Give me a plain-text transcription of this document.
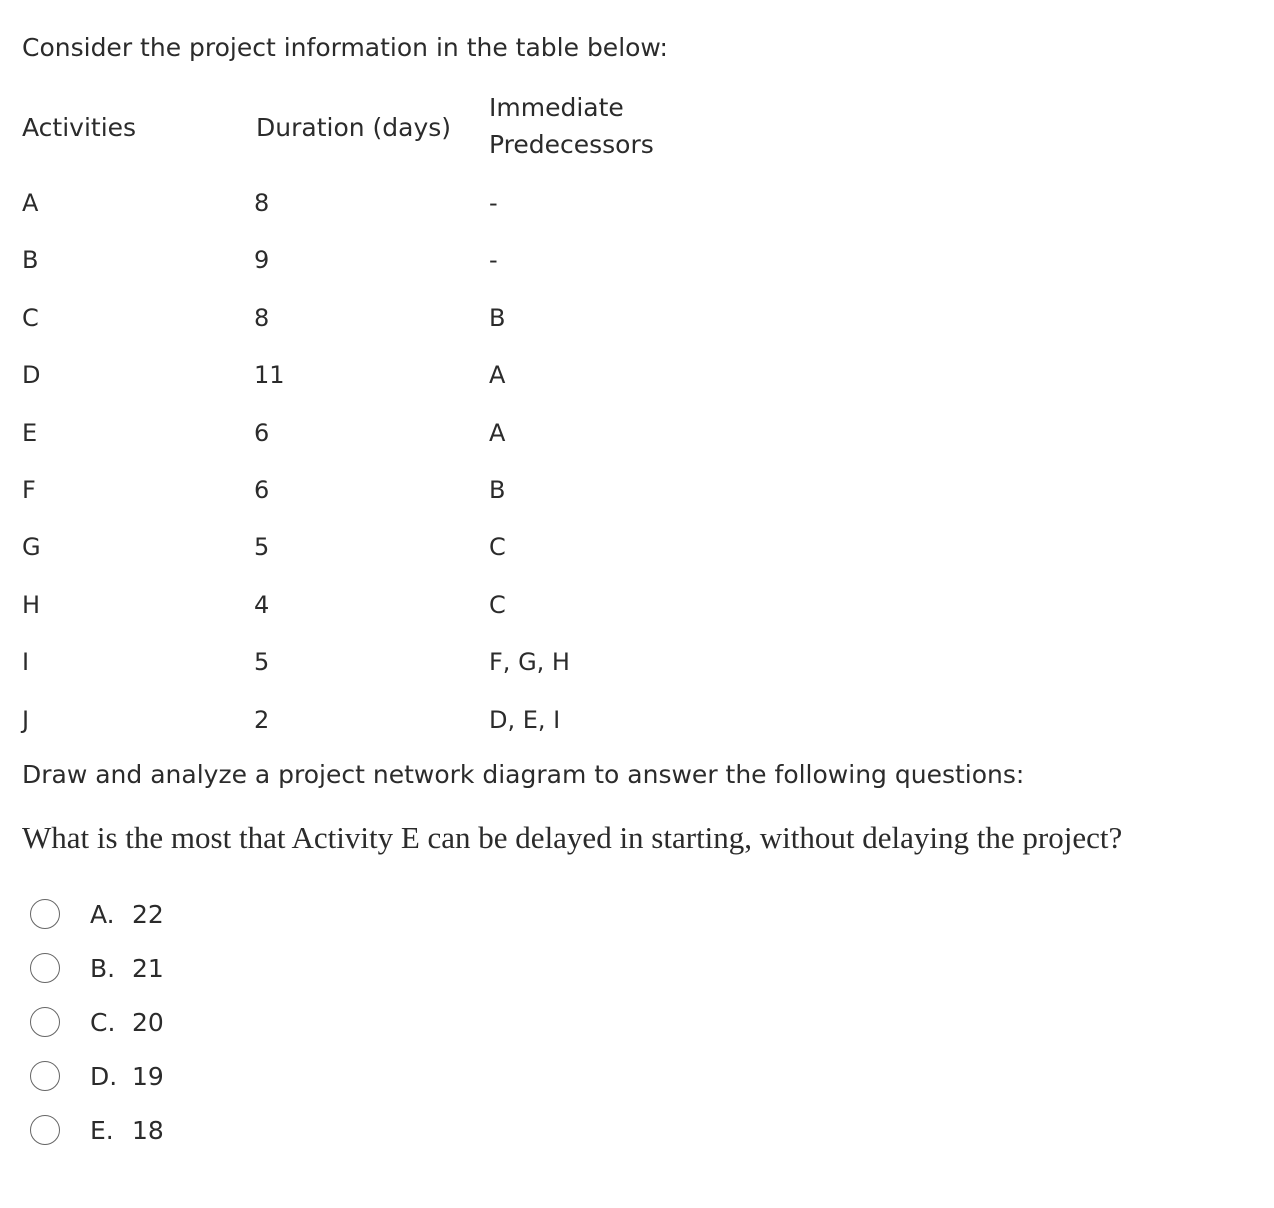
Consider the project information in the table below:
Activities	Duration (days)
Immediate
Predecessors
A	8	-
B	9	-
C	8	B
D	11	A
E	6	A
F	6	B
G	5	C
H	4	C
I	5	F, G, H
J	2	D, E, I
Draw and analyze a project network diagram to answer the following questions:
What is the most that Activity E can be delayed in starting, without delaying the project?
A. 22
B. 21
C. 20
D. 19
E. 18
